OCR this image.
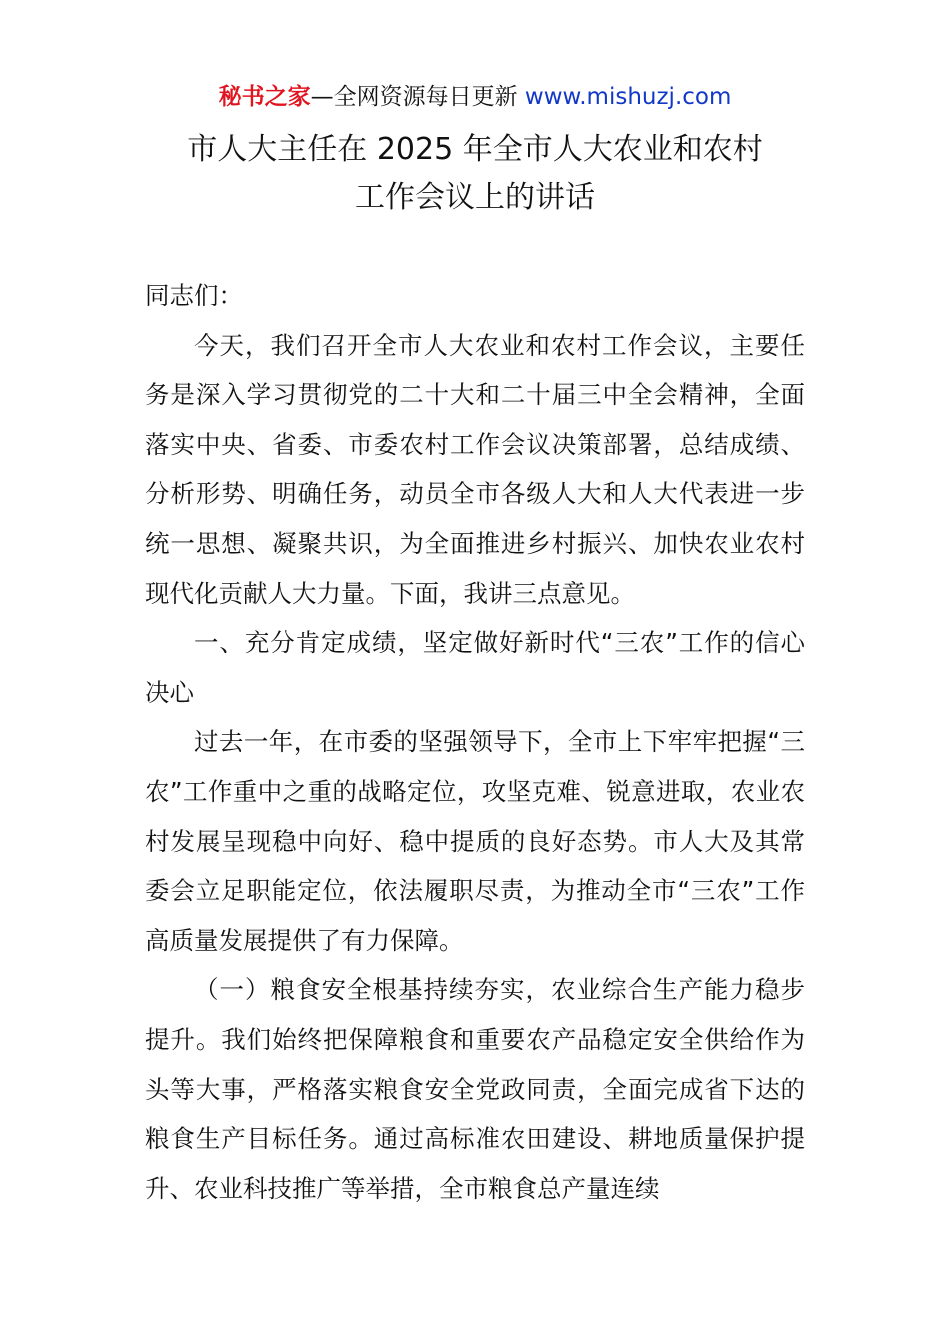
秘书之家—全网资源每日更新 www.mishuzj.com
市人大主任在 2025 年全市人大农业和农村
工作会议上的讲话

同志们：

今天，我们召开全市人大农业和农村工作会议，主要任务是深入学习贯彻党的二十大和二十届三中全会精神，全面落实中央、省委、市委农村工作会议决策部署，总结成绩、分析形势、明确任务，动员全市各级人大和人大代表进一步统一思想、凝聚共识，为全面推进乡村振兴、加快农业农村现代化贡献人大力量。下面，我讲三点意见。

一、充分肯定成绩，坚定做好新时代“三农”工作的信心决心

过去一年，在市委的坚强领导下，全市上下牢牢把握“三农”工作重中之重的战略定位，攻坚克难、锐意进取，农业农村发展呈现稳中向好、稳中提质的良好态势。市人大及其常委会立足职能定位，依法履职尽责，为推动全市“三农”工作高质量发展提供了有力保障。

（一）粮食安全根基持续夯实，农业综合生产能力稳步提升。我们始终把保障粮食和重要农产品稳定安全供给作为头等大事，严格落实粮食安全党政同责，全面完成省下达的粮食生产目标任务。通过高标准农田建设、耕地质量保护提升、农业科技推广等举措，全市粮食总产量连续
